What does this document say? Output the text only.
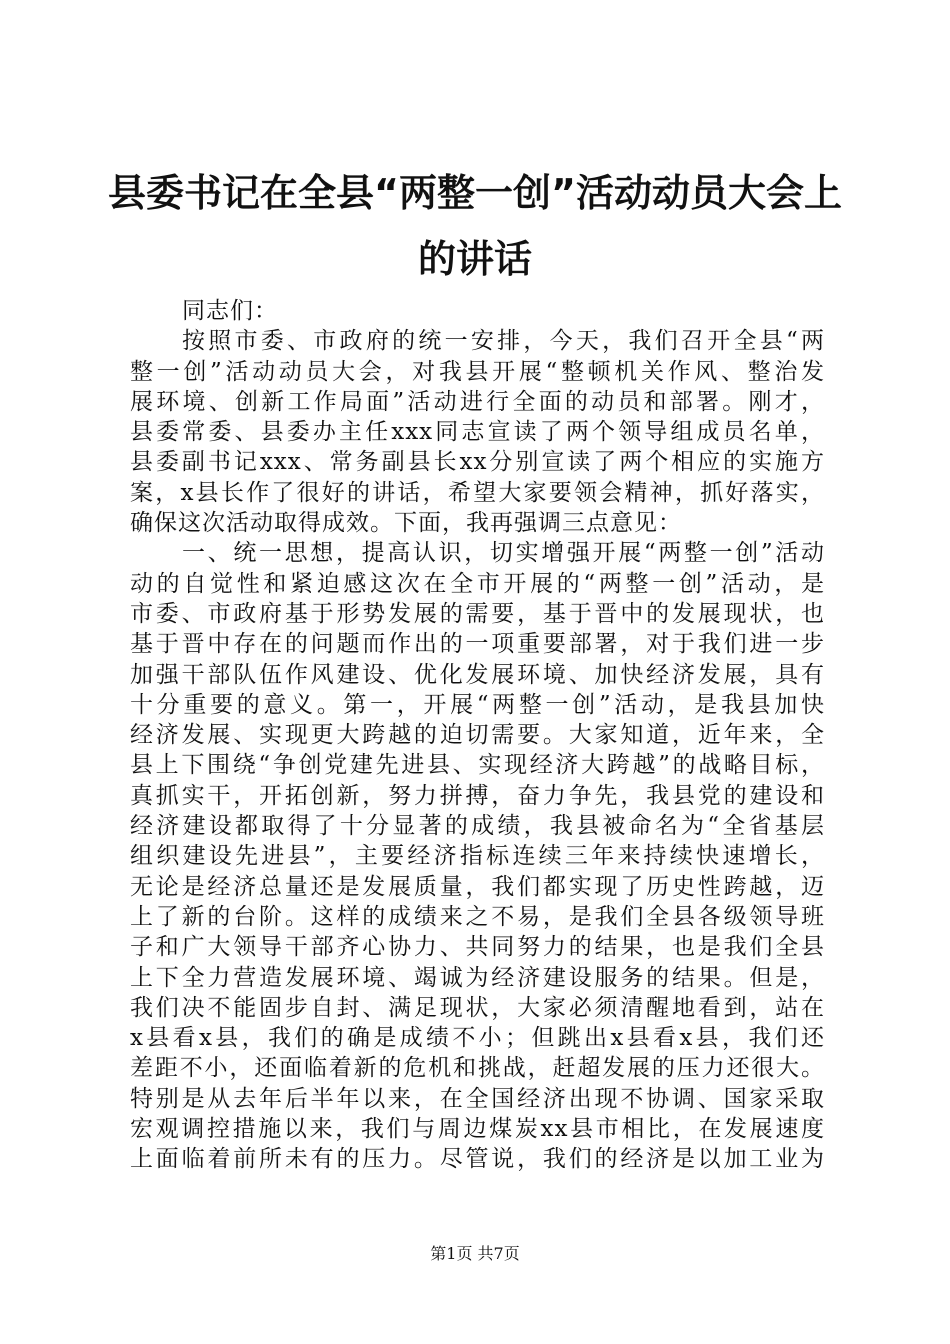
县委书记在全县“两整一创”活动动员大会上
的讲话
同志们：
按照市委、市政府的统一安排，今天，我们召开全县“两
整一创”活动动员大会，对我县开展“整顿机关作风、整治发
展环境、创新工作局面”活动进行全面的动员和部署。刚才，
县委常委、县委办主任xxx同志宣读了两个领导组成员名单，
县委副书记xxx、常务副县长xx分别宣读了两个相应的实施方
案，x县长作了很好的讲话，希望大家要领会精神，抓好落实，
确保这次活动取得成效。下面，我再强调三点意见：
一、统一思想，提高认识，切实增强开展“两整一创”活动
动的自觉性和紧迫感这次在全市开展的“两整一创”活动，是
市委、市政府基于形势发展的需要，基于晋中的发展现状，也
基于晋中存在的问题而作出的一项重要部署，对于我们进一步
加强干部队伍作风建设、优化发展环境、加快经济发展，具有
十分重要的意义。第一，开展“两整一创”活动，是我县加快
经济发展、实现更大跨越的迫切需要。大家知道，近年来，全
县上下围绕“争创党建先进县、实现经济大跨越”的战略目标，
真抓实干，开拓创新，努力拼搏，奋力争先，我县党的建设和
经济建设都取得了十分显著的成绩，我县被命名为“全省基层
组织建设先进县”，主要经济指标连续三年来持续快速增长，
无论是经济总量还是发展质量，我们都实现了历史性跨越，迈
上了新的台阶。这样的成绩来之不易，是我们全县各级领导班
子和广大领导干部齐心协力、共同努力的结果，也是我们全县
上下全力营造发展环境、竭诚为经济建设服务的结果。但是，
我们决不能固步自封、满足现状，大家必须清醒地看到，站在
x县看x县，我们的确是成绩不小；但跳出x县看x县，我们还
差距不小，还面临着新的危机和挑战，赶超发展的压力还很大。
特别是从去年后半年以来，在全国经济出现不协调、国家采取
宏观调控措施以来，我们与周边煤炭xx县市相比，在发展速度
上面临着前所未有的压力。尽管说，我们的经济是以加工业为
第1页 共7页
